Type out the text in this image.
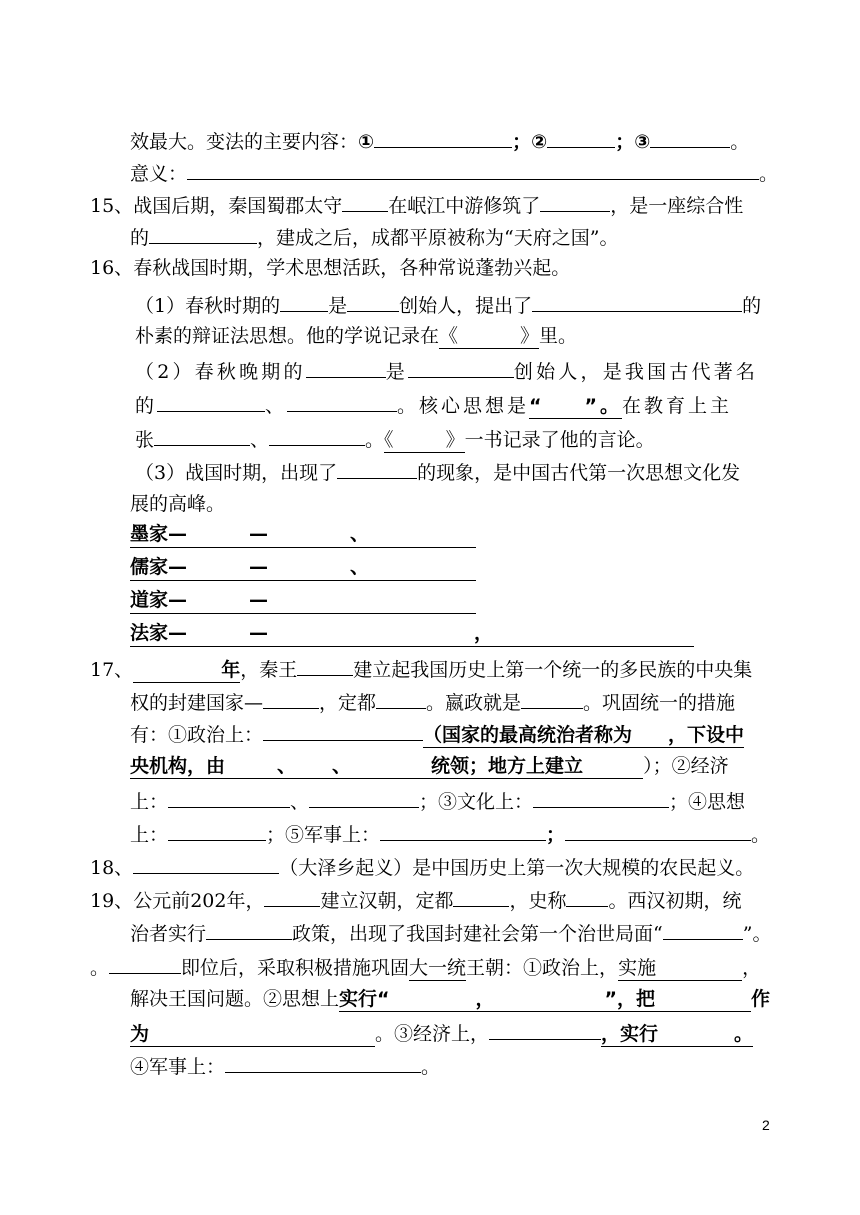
效最大。变法的主要内容：①	；②	；③	。
意义：	。
15、战国后期，秦国蜀郡太守 在岷江中游修筑了	，是一座综合性
的	，建成之后，成都平原被称为“天府之国”。
16、春秋战国时期，学术思想活跃，各种常说蓬勃兴起。
（1）春秋时期的	是	创始人，提出了	的
朴素的辩证法思想。他的学说记录在《	》里。
（2）春秋晚期的	是	创始人，是我国古代著名
的	、	。核心思想是“ ”。在教育上主
张	、	。《	》一书记录了他的言论。
（3）战国时期，出现了	的现象，是中国古代第一次思想文化发
展的高峰。
墨家—	—	、
儒家—	—	、
道家—	—
法家—	—	，
17、	年，秦王	建立起我国历史上第一个统一的多民族的中央集
权的封建国家—	，定都	。嬴政就是	。巩固统一的措施
有：①政治上：	（国家的最高统治者称为 ，下设中
央机构，由	、 、	统领；地方上建立	）；②经济
上：	、	；③文化上：	；④思想
上：	；⑤军事上：	；	。
18、	（大泽乡起义）是中国历史上第一次大规模的农民起义。
19、公元前202年，	建立汉朝，定都	，史称 。西汉初期，统
治者实行	政策，出现了我国封建社会第一个治世局面“	”。
。	即位后，采取积极措施巩固大一统王朝：①政治上，实施	，
解决王国问题。②思想上实行“	，	”，把	作
为	。③经济上，	，实行	。
④军事上：	。
2
